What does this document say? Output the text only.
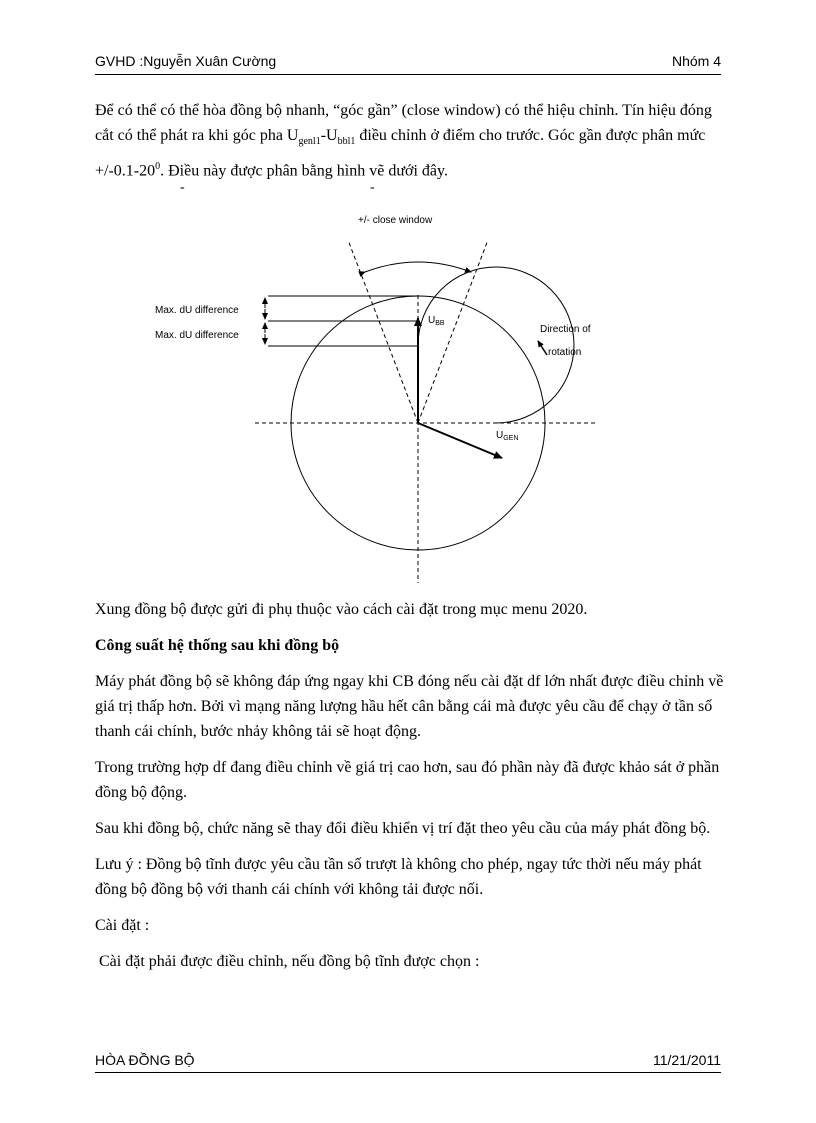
GVHD :Nguyễn Xuân Cường	Nhóm 4

Để có thể có thể hòa đồng bộ nhanh, “góc gần” (close window) có thể hiệu chỉnh. Tín hiệu đóng cắt có thể phát ra khi góc pha $U_{genl1}-U_{bbl1}$ điều chỉnh ở điểm cho trước. Góc gần được phân mức $+/-0.1-20^0$. Điều này được phân bằng hình vẽ dưới đây.

-	-
+/- close window
Max. dU difference
Max. dU difference
$U_{BB}$
$U_{GEN}$
Direction of
rotation

Xung đồng bộ được gửi đi phụ thuộc vào cách cài đặt trong mục menu 2020.

Công suất hệ thống sau khi đồng bộ

Máy phát đồng bộ sẽ không đáp ứng ngay khi CB đóng nếu cài đặt df lớn nhất được điều chỉnh về giá trị thấp hơn. Bởi vì mạng năng lượng hầu hết cân bằng cái mà được yêu cầu để chạy ở tần số thanh cái chính, bước nhảy không tải sẽ hoạt động.

Trong trường hợp df đang điều chỉnh về giá trị cao hơn, sau đó phần này đã được khảo sát ở phần đồng bộ động.

Sau khi đồng bộ, chức năng sẽ thay đổi điều khiển vị trí đặt theo yêu cầu của máy phát đồng bộ.

Lưu ý : Đồng bộ tĩnh được yêu cầu tần số trượt là không cho phép, ngay tức thời nếu máy phát đồng bộ đồng bộ với thanh cái chính với không tải được nối.

Cài đặt :

Cài đặt phải được điều chỉnh, nếu đồng bộ tĩnh được chọn :

HÒA ĐỒNG BỘ	11/21/2011
